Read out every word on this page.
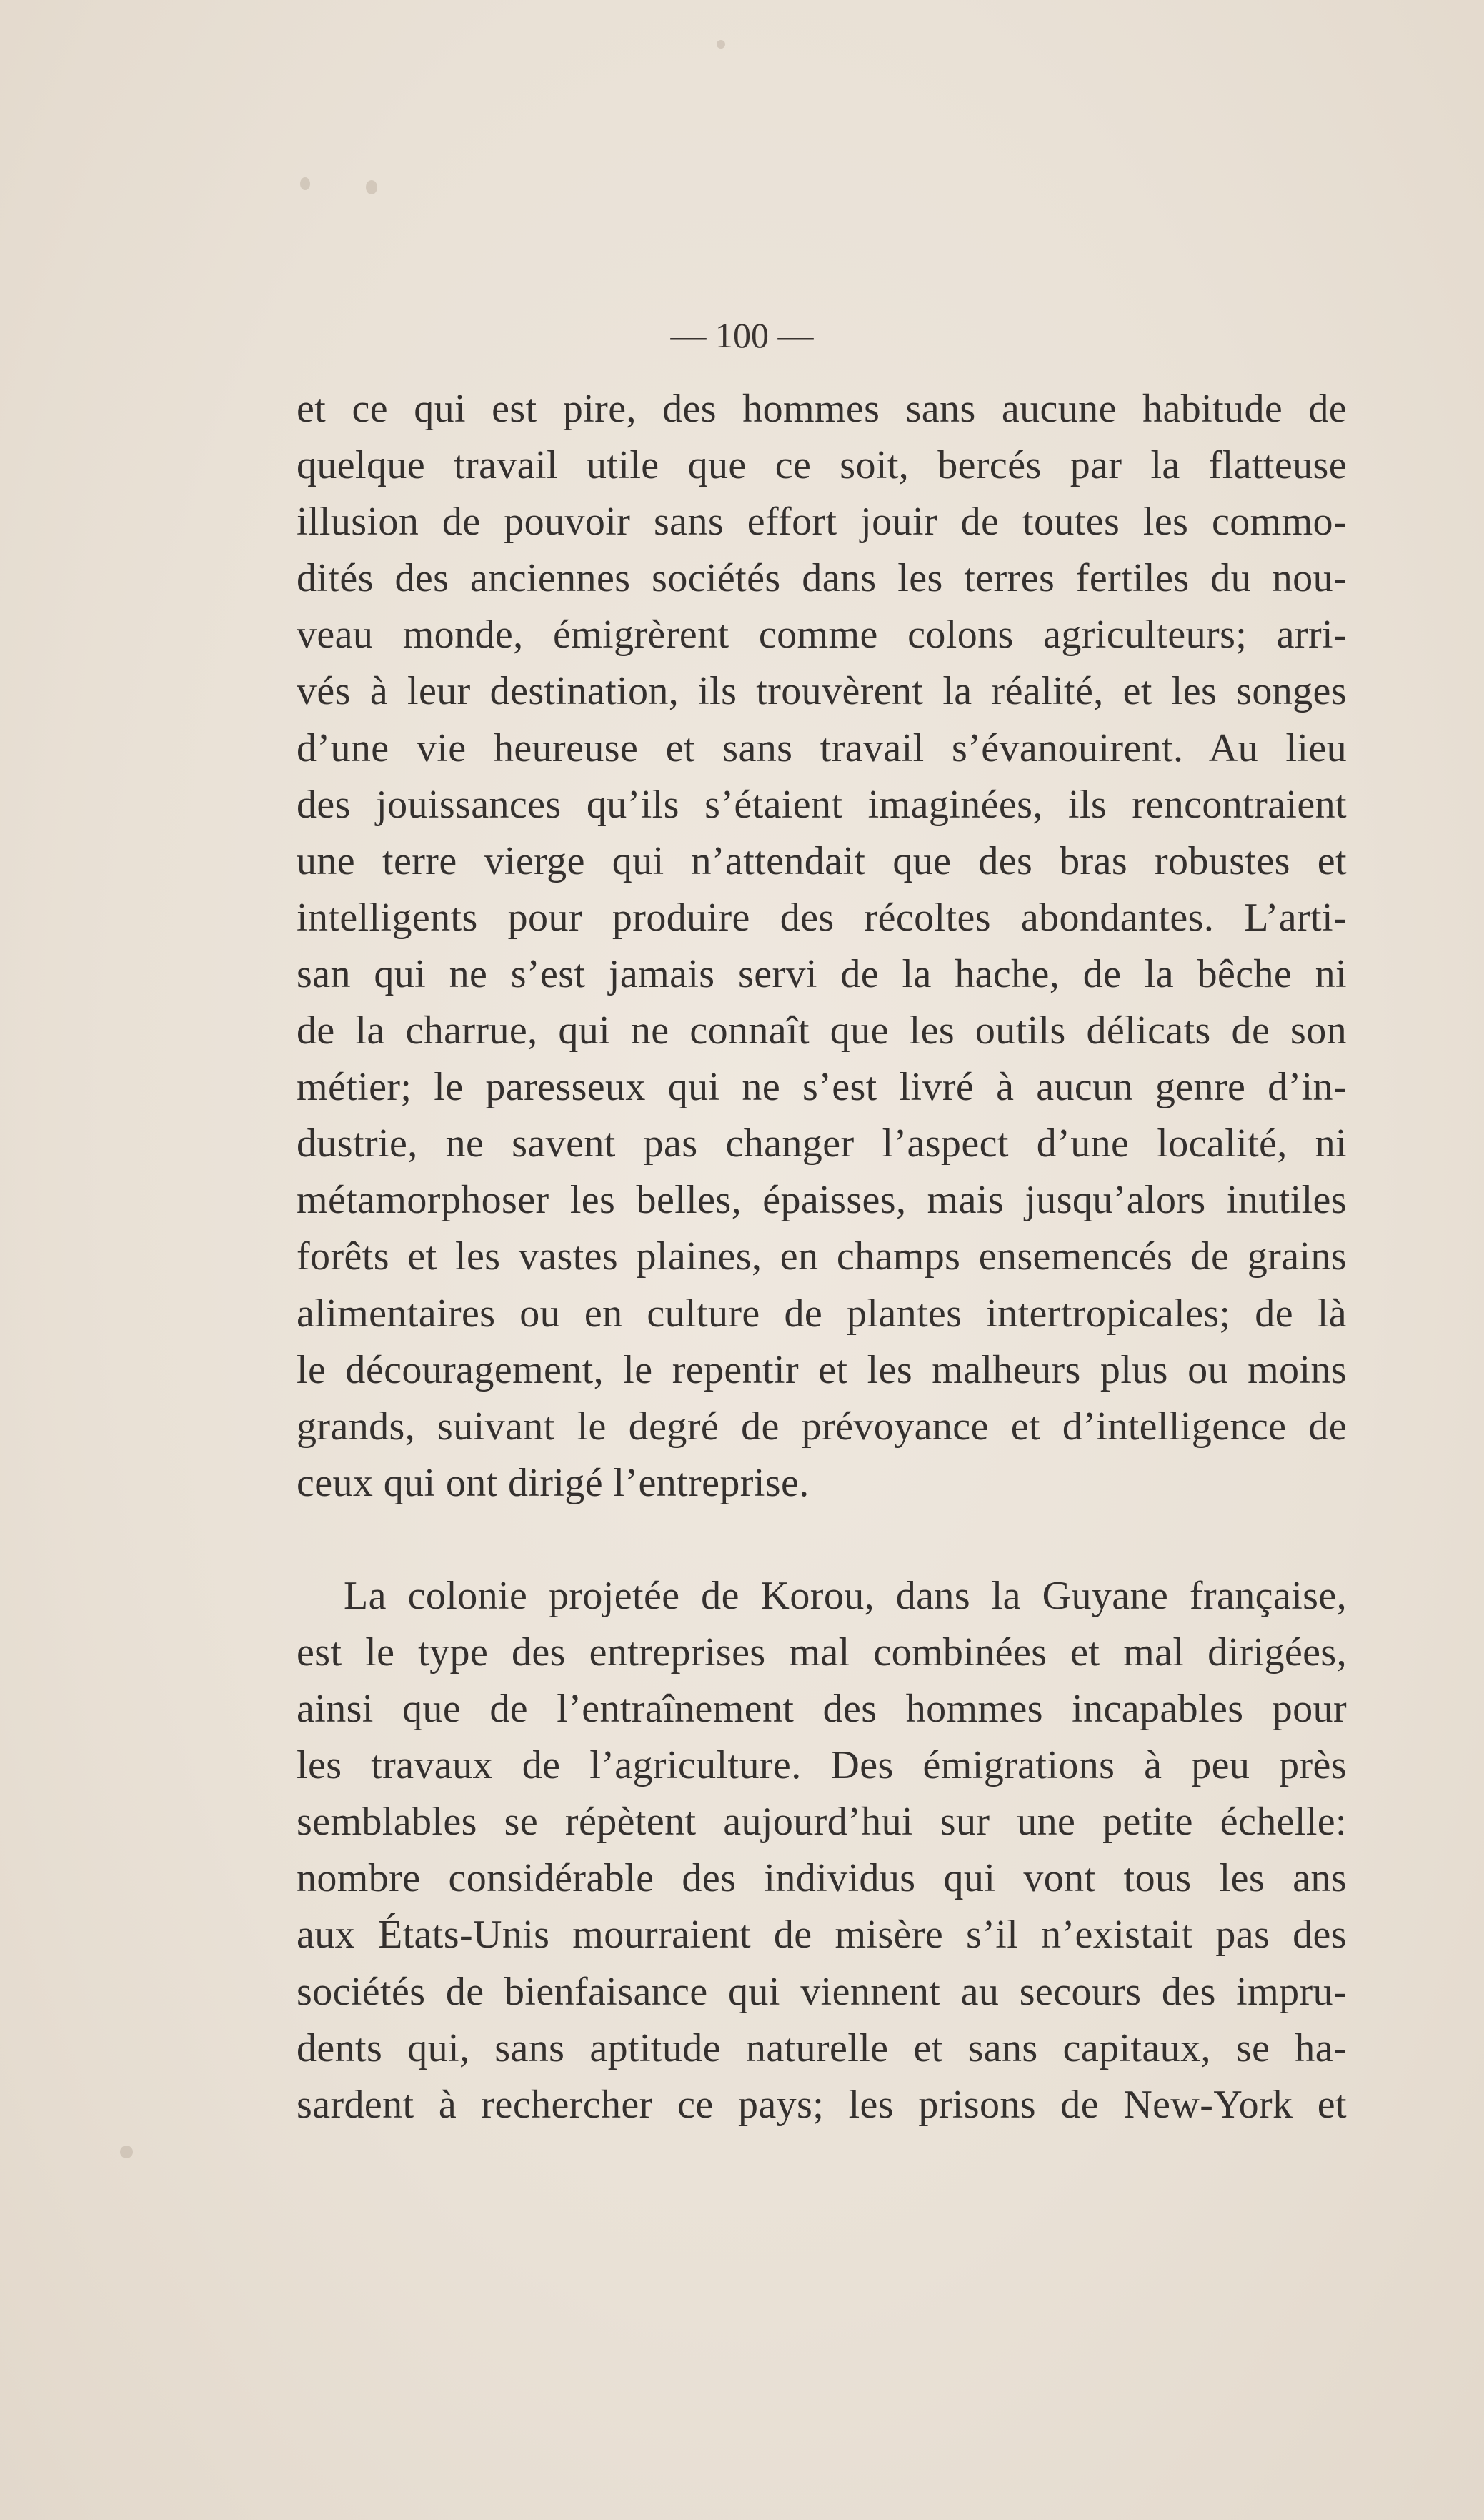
— 100 —
et ce qui est pire, des hommes sans aucune habitude de
quelque travail utile que ce soit, bercés par la flatteuse
illusion de pouvoir sans effort jouir de toutes les commo-
dités des anciennes sociétés dans les terres fertiles du nou-
veau monde, émigrèrent comme colons agriculteurs; arri-
vés à leur destination, ils trouvèrent la réalité, et les songes
d’une vie heureuse et sans travail s’évanouirent. Au lieu
des jouissances qu’ils s’étaient imaginées, ils rencontraient
une terre vierge qui n’attendait que des bras robustes et
intelligents pour produire des récoltes abondantes. L’arti-
san qui ne s’est jamais servi de la hache, de la bêche ni
de la charrue, qui ne connaît que les outils délicats de son
métier; le paresseux qui ne s’est livré à aucun genre d’in-
dustrie, ne savent pas changer l’aspect d’une localité, ni
métamorphoser les belles, épaisses, mais jusqu’alors inutiles
forêts et les vastes plaines, en champs ensemencés de grains
alimentaires ou en culture de plantes intertropicales; de là
le découragement, le repentir et les malheurs plus ou moins
grands, suivant le degré de prévoyance et d’intelligence de
ceux qui ont dirigé l’entreprise.
La colonie projetée de Korou, dans la Guyane française,
est le type des entreprises mal combinées et mal dirigées,
ainsi que de l’entraînement des hommes incapables pour
les travaux de l’agriculture. Des émigrations à peu près
semblables se répètent aujourd’hui sur une petite échelle:
nombre considérable des individus qui vont tous les ans
aux États-Unis mourraient de misère s’il n’existait pas des
sociétés de bienfaisance qui viennent au secours des impru-
dents qui, sans aptitude naturelle et sans capitaux, se ha-
sardent à rechercher ce pays; les prisons de New-York et
